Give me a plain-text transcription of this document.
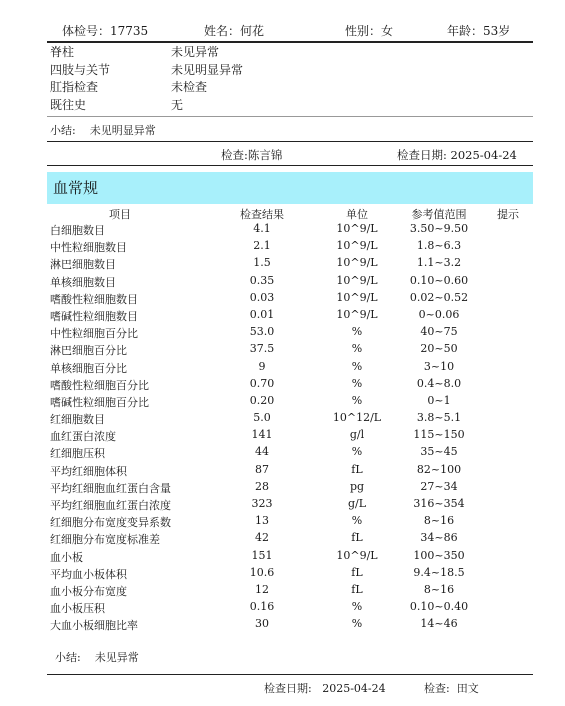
体检号：17735	姓名：何花	性别：女	年龄：53岁
脊柱	未见异常
四肢与关节	未见明显异常
肛指检查	未检查
既往史	无
小结: 未见明显异常
检查:陈言锦	检查日期: 2025-04-24
血常规
项目	检查结果	单位	参考值范围	提示
白细胞数目	4.1	10^9/L	3.50~9.50
中性粒细胞数目	2.1	10^9/L	1.8~6.3
淋巴细胞数目	1.5	10^9/L	1.1~3.2
单核细胞数目	0.35	10^9/L	0.10~0.60
嗜酸性粒细胞数目	0.03	10^9/L	0.02~0.52
嗜碱性粒细胞数目	0.01	10^9/L	0~0.06
中性粒细胞百分比	53.0	%	40~75
淋巴细胞百分比	37.5	%	20~50
单核细胞百分比	9	%	3~10
嗜酸性粒细胞百分比	0.70	%	0.4~8.0
嗜碱性粒细胞百分比	0.20	%	0~1
红细胞数目	5.0	10^12/L	3.8~5.1
血红蛋白浓度	141	g/l	115~150
红细胞压积	44	%	35~45
平均红细胞体积	87	fL	82~100
平均红细胞血红蛋白含量	28	pg	27~34
平均红细胞血红蛋白浓度	323	g/L	316~354
红细胞分布宽度变异系数	13	%	8~16
红细胞分布宽度标准差	42	fL	34~86
血小板	151	10^9/L	100~350
平均血小板体积	10.6	fL	9.4~18.5
血小板分布宽度	12	fL	8~16
血小板压积	0.16	%	0.10~0.40
大血小板细胞比率	30	%	14~46
小结: 未见异常
检查日期: 2025-04-24	检查: 田文
